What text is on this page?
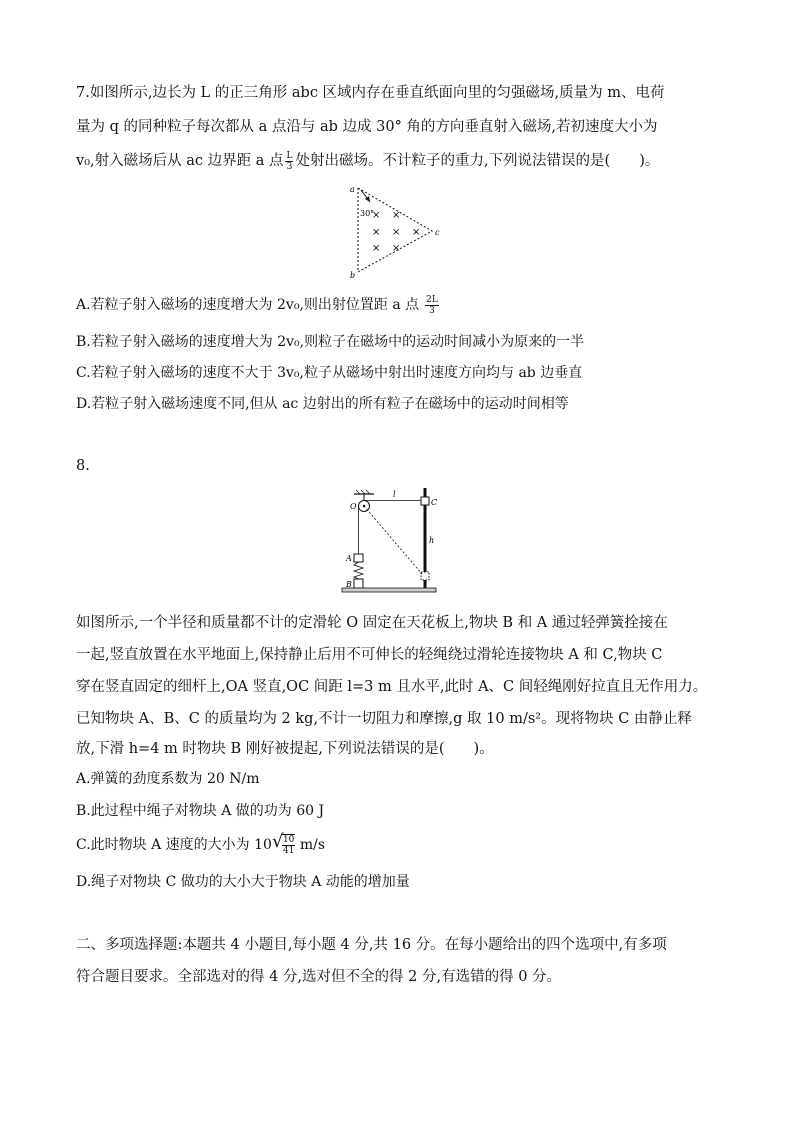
7.如图所示,边长为 L 的正三角形 abc 区域内存在垂直纸面向里的匀强磁场,质量为 m、电荷
量为 q 的同种粒子每次都从 a 点沿与 ab 边成 30° 角的方向垂直射入磁场,若初速度大小为
v₀,射入磁场后从 ac 边界距 a 点 $\frac{L}{3}$ 处射出磁场。不计粒子的重力,下列说法错误的是(　　)。
a
b
c
30°
× ×
× × ×
× ×
A.若粒子射入磁场的速度增大为 2v₀,则出射位置距 a 点 $\frac{2L}{3}$
B.若粒子射入磁场的速度增大为 2v₀,则粒子在磁场中的运动时间减小为原来的一半
C.若粒子射入磁场的速度不大于 3v₀,粒子从磁场中射出时速度方向均与 ab 边垂直
D.若粒子射入磁场速度不同,但从 ac 边射出的所有粒子在磁场中的运动时间相等
8.
O
l
C
h
A
B
如图所示,一个半径和质量都不计的定滑轮 O 固定在天花板上,物块 B 和 A 通过轻弹簧拴接在
一起,竖直放置在水平地面上,保持静止后用不可伸长的轻绳绕过滑轮连接物块 A 和 C,物块 C
穿在竖直固定的细杆上,OA 竖直,OC 间距 l=3 m 且水平,此时 A、C 间轻绳刚好拉直且无作用力。
已知物块 A、B、C 的质量均为 2 kg,不计一切阻力和摩擦,g 取 10 m/s²。现将物块 C 由静止释
放,下滑 h=4 m 时物块 B 刚好被提起,下列说法错误的是(　　)。
A.弹簧的劲度系数为 20 N/m
B.此过程中绳子对物块 A 做的功为 60 J
C.此时物块 A 速度的大小为 10 √
$\frac{10}{41} m/s$
D.绳子对物块 C 做功的大小大于物块 A 动能的增加量
二、多项选择题:本题共 4 小题目,每小题 4 分,共 16 分。在每小题给出的四个选项中,有多项
符合题目要求。全部选对的得 4 分,选对但不全的得 2 分,有选错的得 0 分。
